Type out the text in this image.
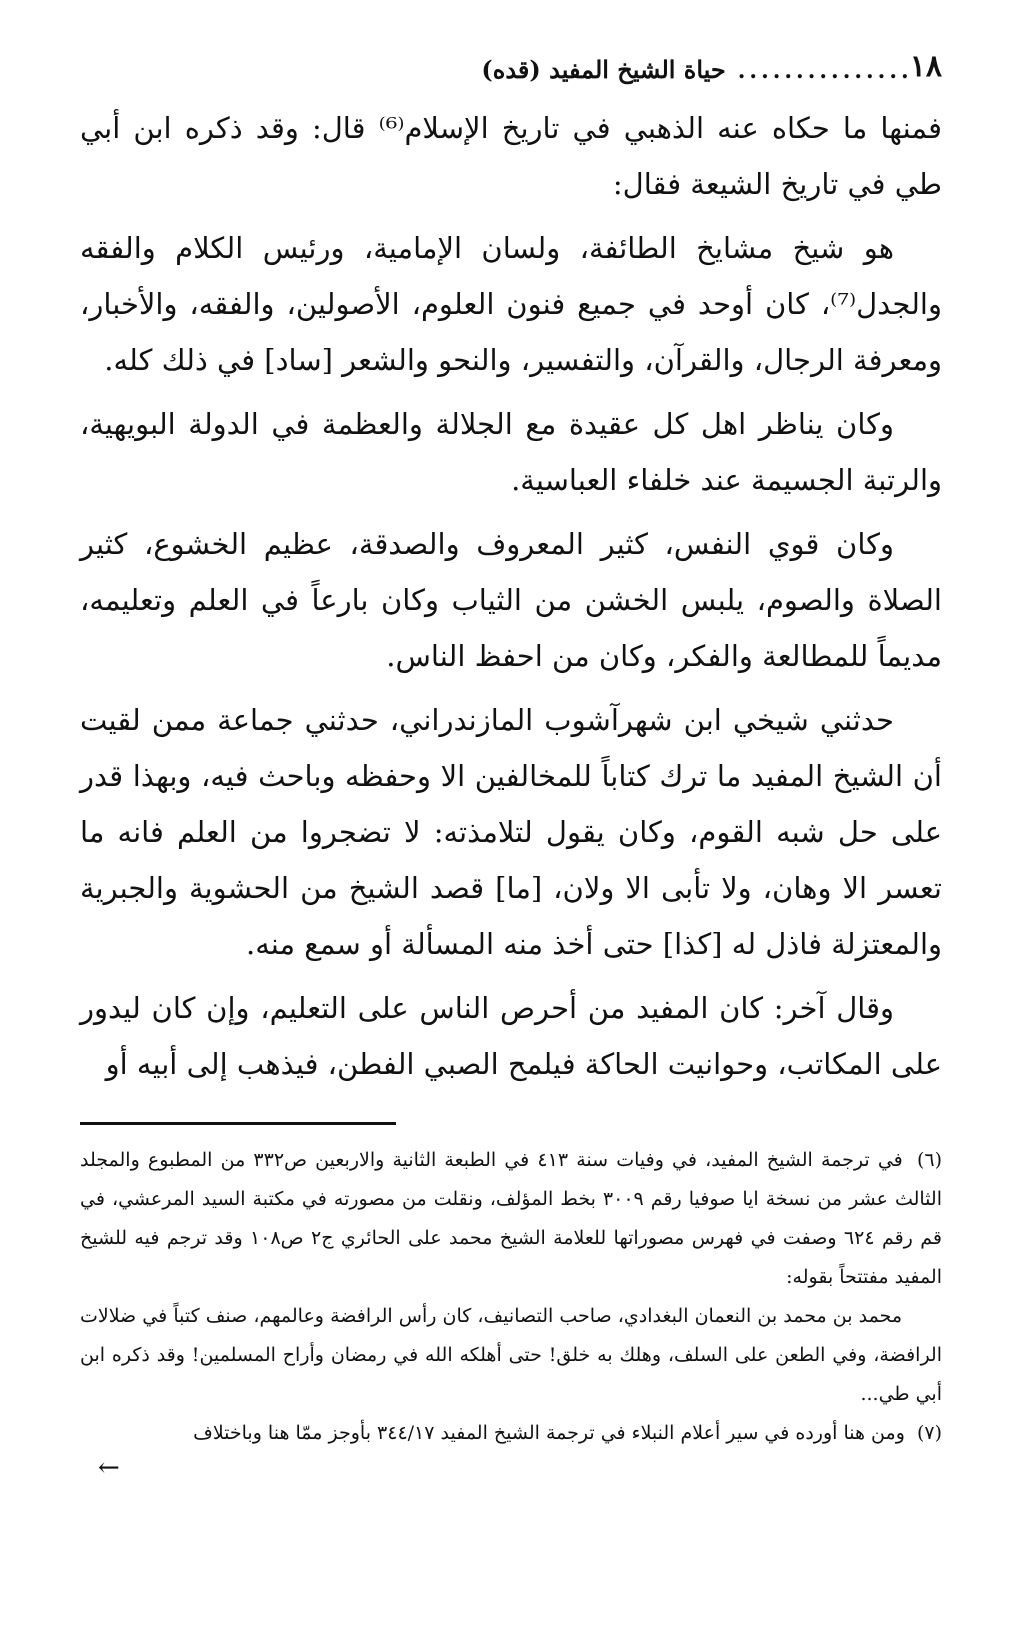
١٨
...............
حياة الشيخ المفيد (قده)

فمنها ما حكاه عنه الذهبي في تاريخ الإسلام⁽⁶⁾ قال: وقد ذكره ابن أبي طي في تاريخ الشيعة فقال:

هو شيخ مشايخ الطائفة، ولسان الإمامية، ورئيس الكلام والفقه والجدل⁽⁷⁾، كان أوحد في جميع فنون العلوم، الأصولين، والفقه، والأخبار، ومعرفة الرجال، والقرآن، والتفسير، والنحو والشعر [ساد] في ذلك كله.

وكان يناظر اهل كل عقيدة مع الجلالة والعظمة في الدولة البويهية، والرتبة الجسيمة عند خلفاء العباسية.

وكان قوي النفس، كثير المعروف والصدقة، عظيم الخشوع، كثير الصلاة والصوم، يلبس الخشن من الثياب وكان بارعاً في العلم وتعليمه، مديماً للمطالعة والفكر، وكان من احفظ الناس.

حدثني شيخي ابن شهرآشوب المازندراني، حدثني جماعة ممن لقيت أن الشيخ المفيد ما ترك كتاباً للمخالفين الا وحفظه وباحث فيه، وبهذا قدر على حل شبه القوم، وكان يقول لتلامذته: لا تضجروا من العلم فانه ما تعسر الا وهان، ولا تأبى الا ولان، [ما] قصد الشيخ من الحشوية والجبرية والمعتزلة فاذل له [كذا] حتى أخذ منه المسألة أو سمع منه.

وقال آخر: كان المفيد من أحرص الناس على التعليم، وإن كان ليدور على المكاتب، وحوانيت الحاكة فيلمح الصبي الفطن، فيذهب إلى أبيه أو

(٦) في ترجمة الشيخ المفيد، في وفيات سنة ٤١٣ في الطبعة الثانية والاربعين ص٣٣٢ من المطبوع والمجلد الثالث عشر من نسخة ايا صوفيا رقم ٣٠٠٩ بخط المؤلف، ونقلت من مصورته في مكتبة السيد المرعشي، في قم رقم ٦٢٤ وصفت في فهرس مصوراتها للعلامة الشيخ محمد على الحائري ج٢ ص١٠٨ وقد ترجم فيه للشيخ المفيد مفتتحاً بقوله:

محمد بن محمد بن النعمان البغدادي، صاحب التصانيف، كان رأس الرافضة وعالمهم، صنف كتباً في ضلالات الرافضة، وفي الطعن على السلف، وهلك به خلق! حتى أهلكه الله في رمضان وأراح المسلمين! وقد ذكره ابن أبي طي...

(٧) ومن هنا أورده في سير أعلام النبلاء في ترجمة الشيخ المفيد ٣٤٤/١٧ بأوجز ممّا هنا وباختلاف

←
